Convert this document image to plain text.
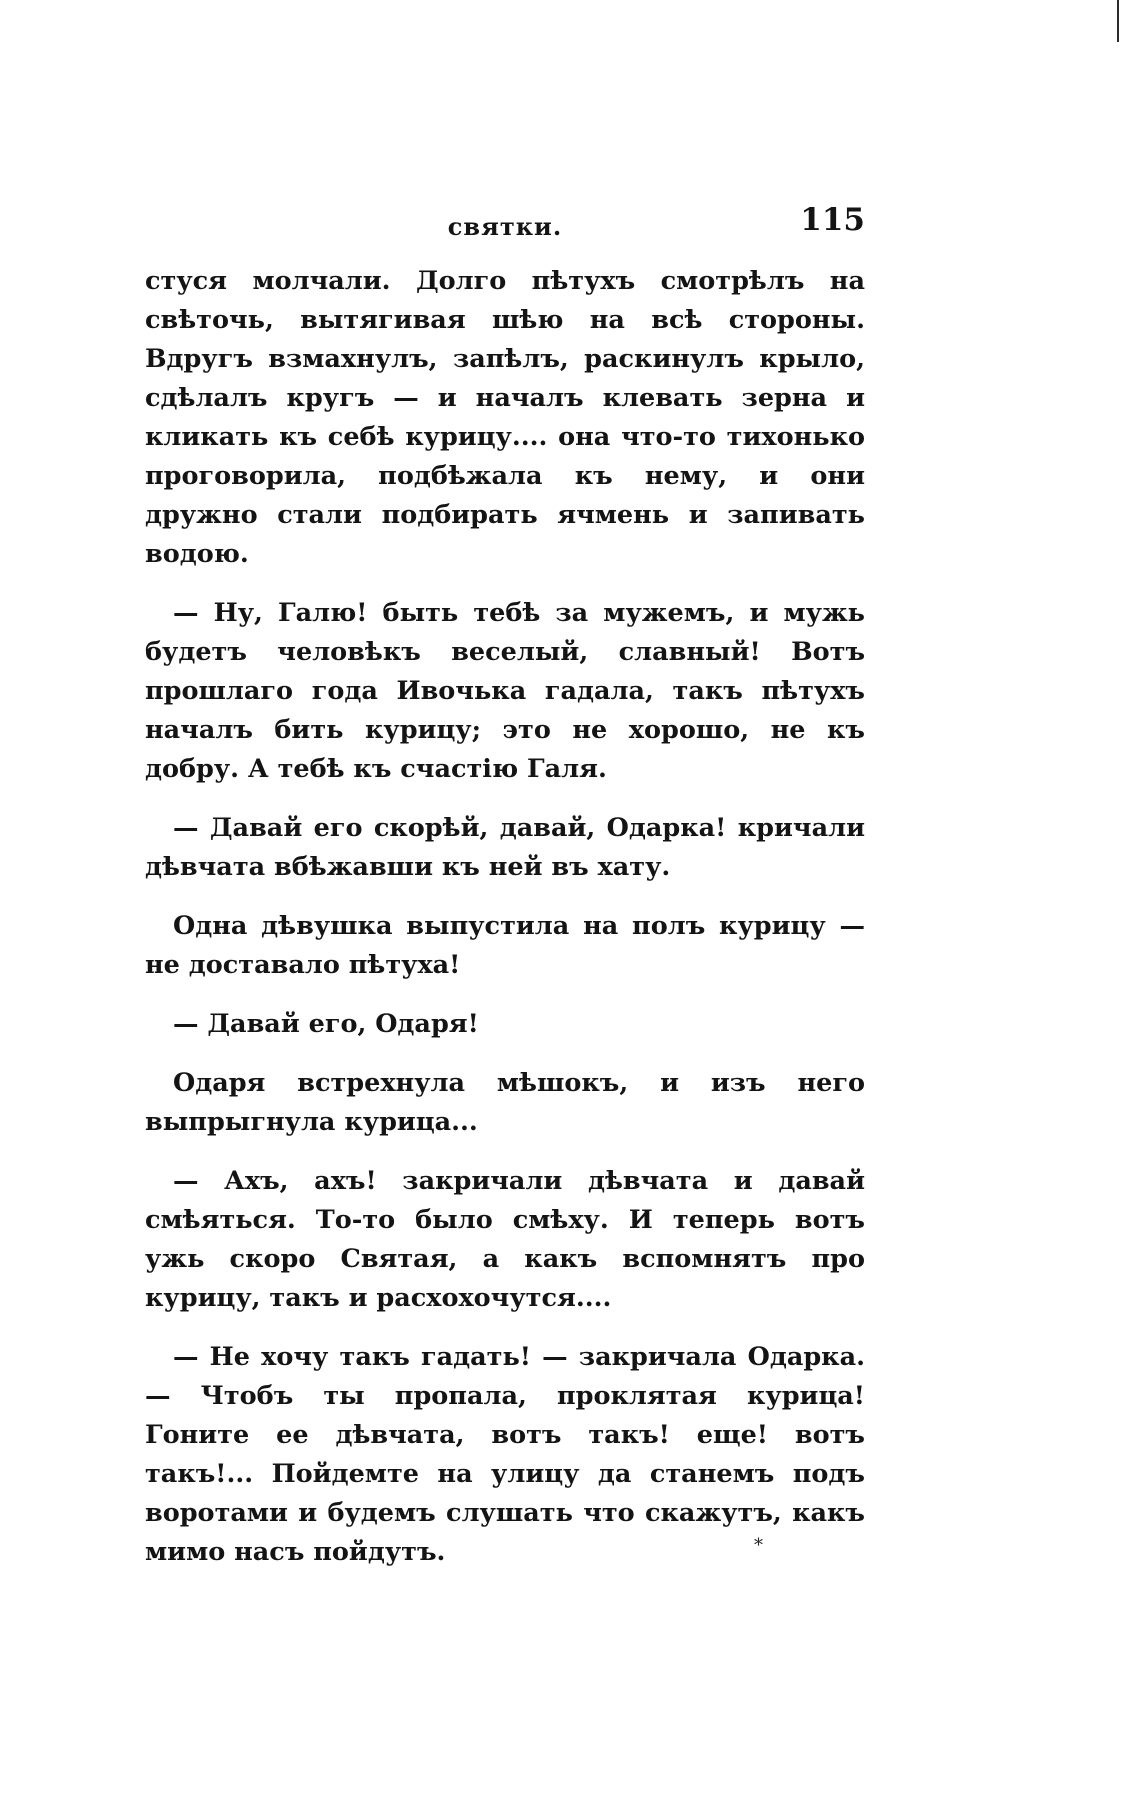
святки.	115

стуся молчали. Долго пѣтухъ смотрѣлъ на свѣточь, вытягивая шѣю на всѣ стороны. Вдругъ взмахнулъ, запѣлъ, раскинулъ крыло, сдѣлалъ кругъ — и началъ клевать зерна и кликать къ себѣ курицу.... она что-то тихонько проговорила, подбѣжала къ нему, и они дружно стали подбирать ячмень и запивать водою.

— Ну, Галю! быть тебѣ за мужемъ, и мужь будетъ человѣкъ веселый, славный! Вотъ прошлаго года Ивочька гадала, такъ пѣтухъ началъ бить курицу; это не хорошо, не къ добру. А тебѣ къ счастiю Галя.

— Давай его скорѣй, давай, Одарка! кричали дѣвчата вбѣжавши къ ней въ хату.

Одна дѣвушка выпустила на полъ курицу — не доставало пѣтуха!

— Давай его, Одаря!

Одаря встрехнула мѣшокъ, и изъ него выпрыгнула курица...

— Ахъ, ахъ! закричали дѣвчата и давай смѣяться. То-то было смѣху. И теперь вотъ ужь скоро Святая, а какъ вспомнятъ про курицу, такъ и расхохочутся....

— Не хочу такъ гадать! — закричала Одарка. — Чтобъ ты пропала, проклятая курица! Гоните ее дѣвчата, вотъ такъ! еще! вотъ такъ!... Пойдемте на улицу да станемъ подъ воротами и будемъ слушать что скажутъ, какъ мимо насъ пойдутъ.	*
